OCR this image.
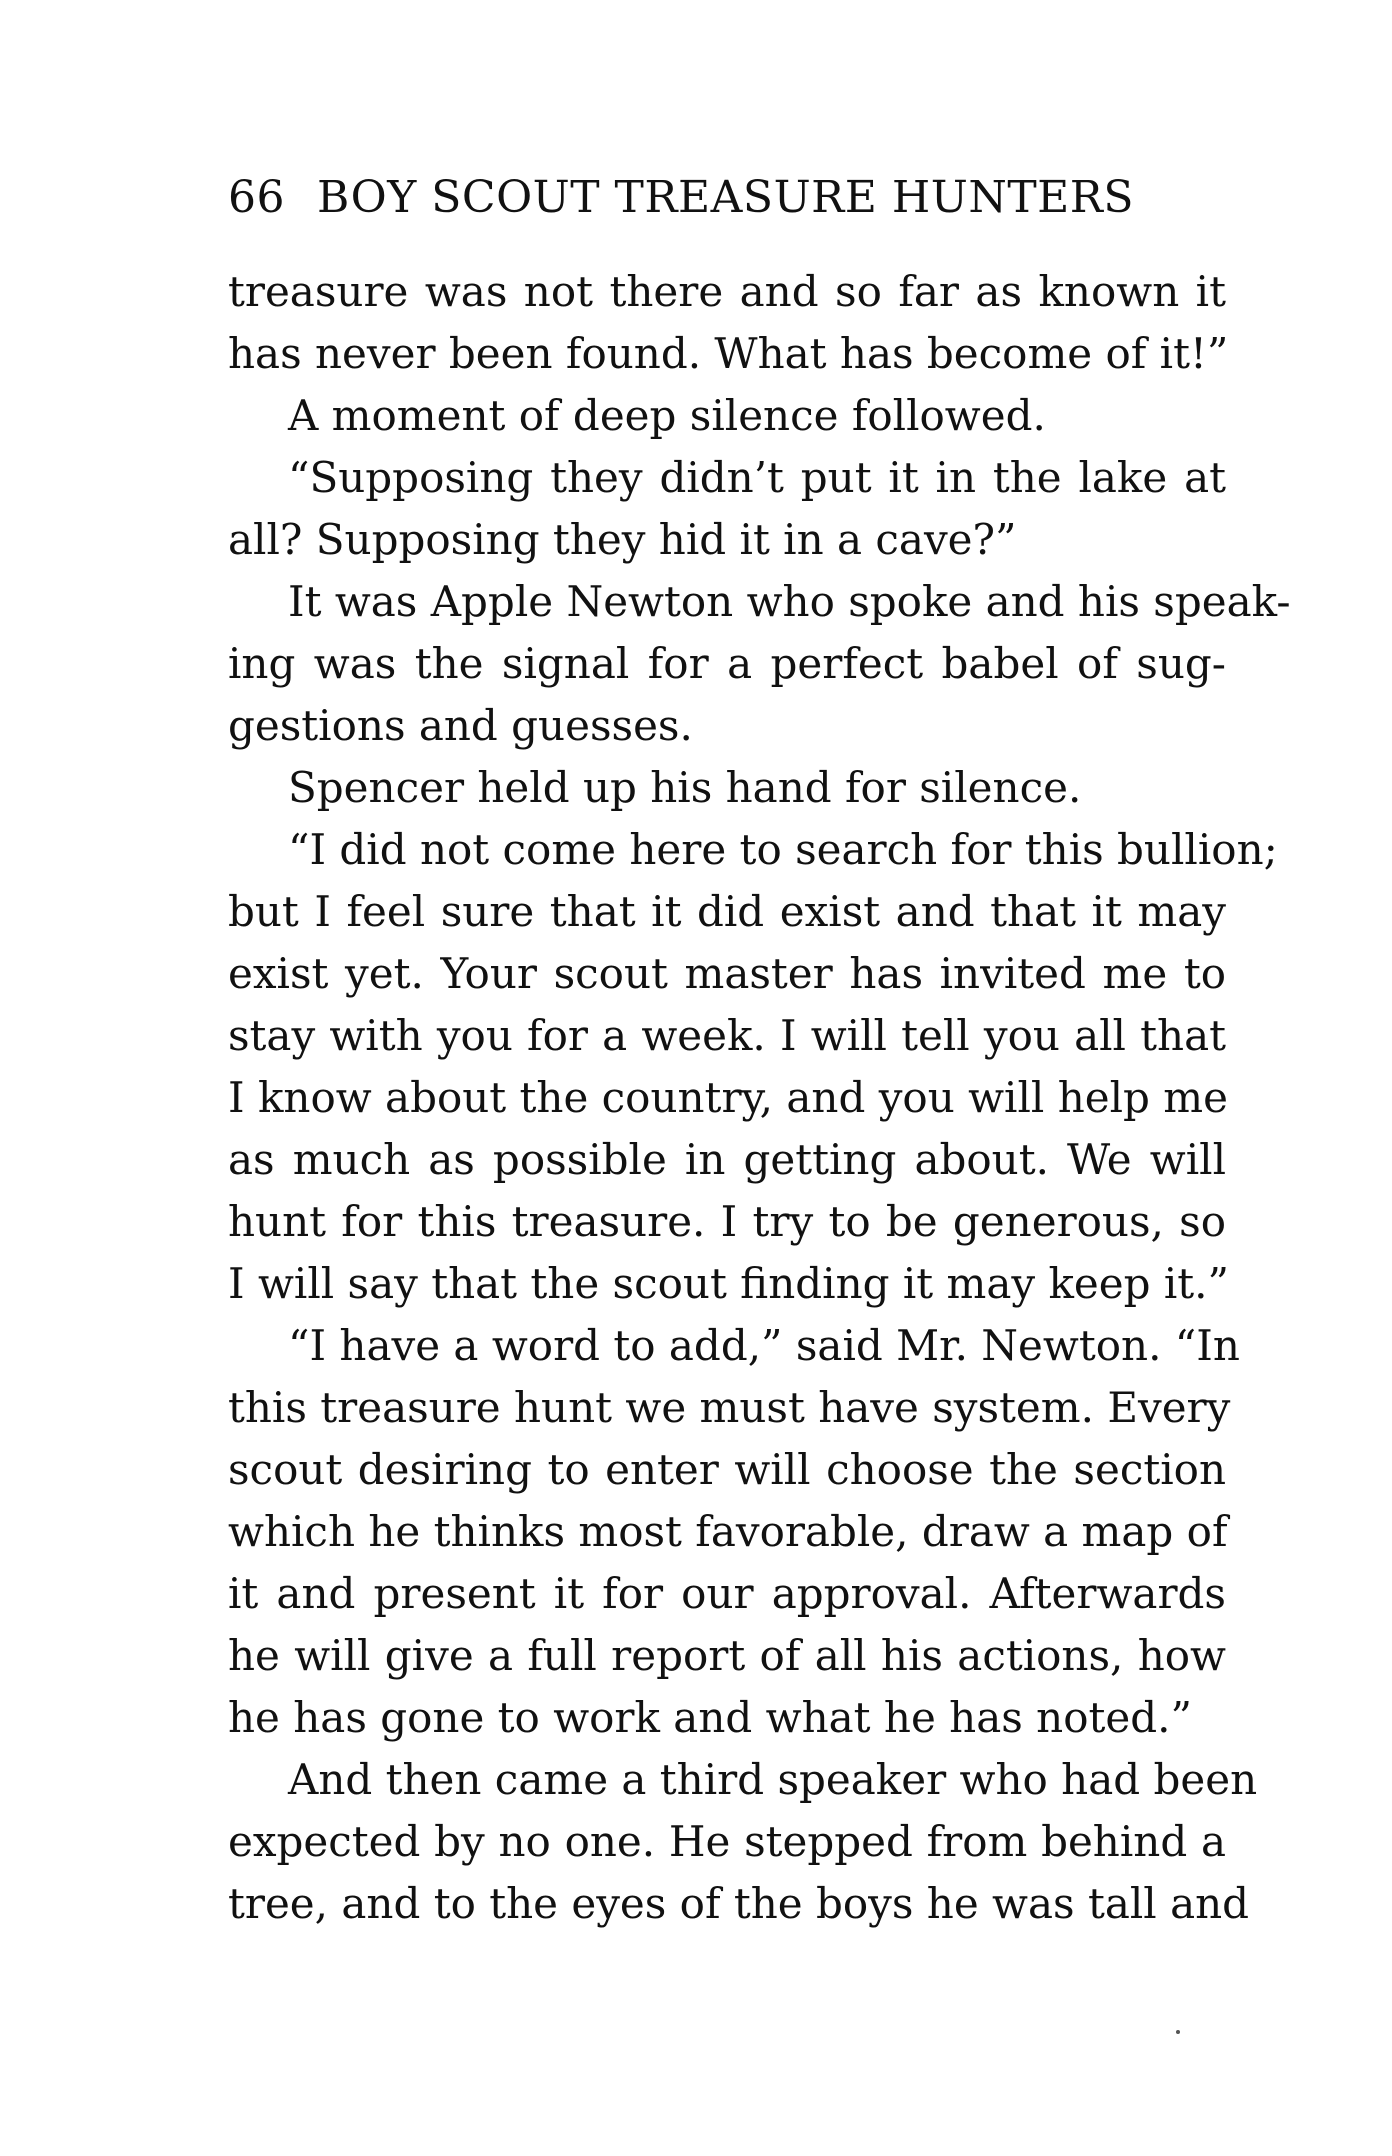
66 BOY SCOUT TREASURE HUNTERS
treasure was not there and so far as known it
has never been found. What has become of it!”
A moment of deep silence followed.
“Supposing they didn’t put it in the lake at
all? Supposing they hid it in a cave?”
It was Apple Newton who spoke and his speak-
ing was the signal for a perfect babel of sug-
gestions and guesses.
Spencer held up his hand for silence.
“I did not come here to search for this bullion;
but I feel sure that it did exist and that it may
exist yet. Your scout master has invited me to
stay with you for a week. I will tell you all that
I know about the country, and you will help me
as much as possible in getting about. We will
hunt for this treasure. I try to be generous, so
I will say that the scout finding it may keep it.”
“I have a word to add,” said Mr. Newton. “In
this treasure hunt we must have system. Every
scout desiring to enter will choose the section
which he thinks most favorable, draw a map of
it and present it for our approval. Afterwards
he will give a full report of all his actions, how
he has gone to work and what he has noted.”
And then came a third speaker who had been
expected by no one. He stepped from behind a
tree, and to the eyes of the boys he was tall and
